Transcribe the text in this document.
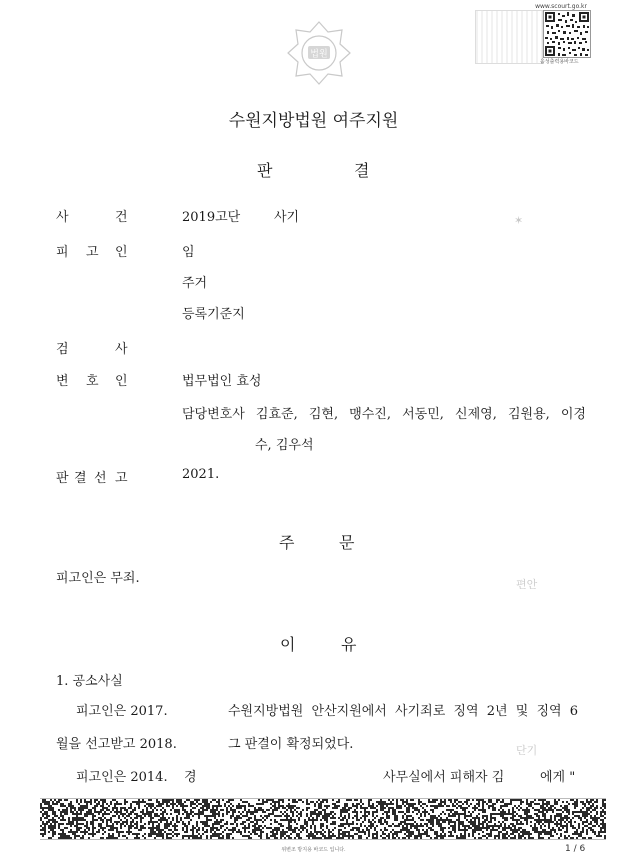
법원
www.scourt.go.kr
음성출력용바코드
수원지방법원 여주지원
판	결
사	건	2019고단	사기	✶
피 고 인	임
주거
등록기준지
검	사
변 호 인	법무법인 효성
담당변호사 김효준, 김현, 맹수진, 서동민, 신제영, 김원용, 이경
수, 김우석
판 결 선 고	2021.
주	문
피고인은 무죄.	편안
이	유
1. 공소사실
피고인은 2017.	수원지방법원 안산지원에서 사기죄로 징역 2년 및 징역 6
월을 선고받고 2018.	그 판결이 확정되었다.	단기
피고인은 2014. 경	사무실에서 피해자 김	에게 "
위변조 방지용 바코드 입니다.	1 / 6
